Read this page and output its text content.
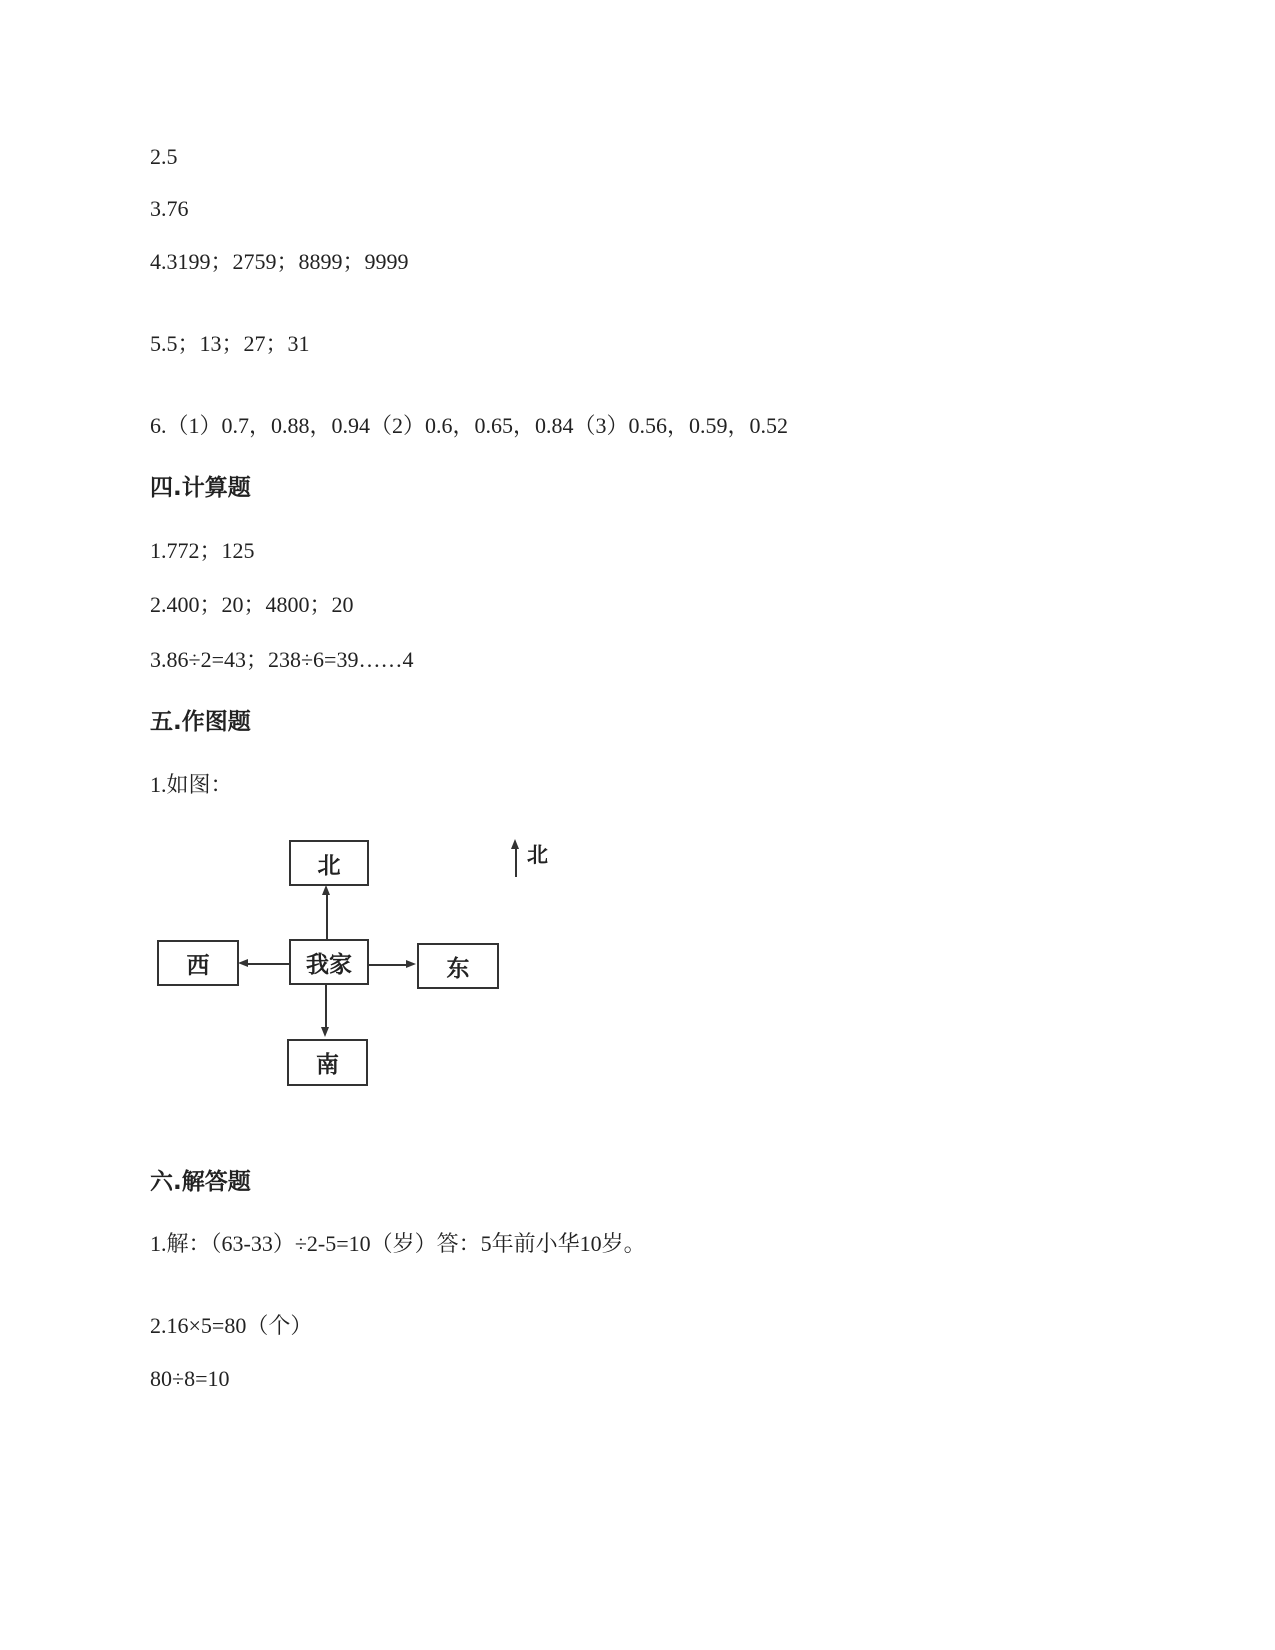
2.5
3.76
4.3199；2759；8899；9999
5.5；13；27；31
6.（1）0.7，0.88，0.94（2）0.6，0.65，0.84（3）0.56，0.59，0.52
四.计算题
1.772；125
2.400；20；4800；20
3.86÷2=43；238÷6=39……4
五.作图题
1.如图：
北
我家
西	东
南
北
六.解答题
1.解：（63-33）÷2-5=10（岁）答：5年前小华10岁。
2.16×5=80（个）
80÷8=10
